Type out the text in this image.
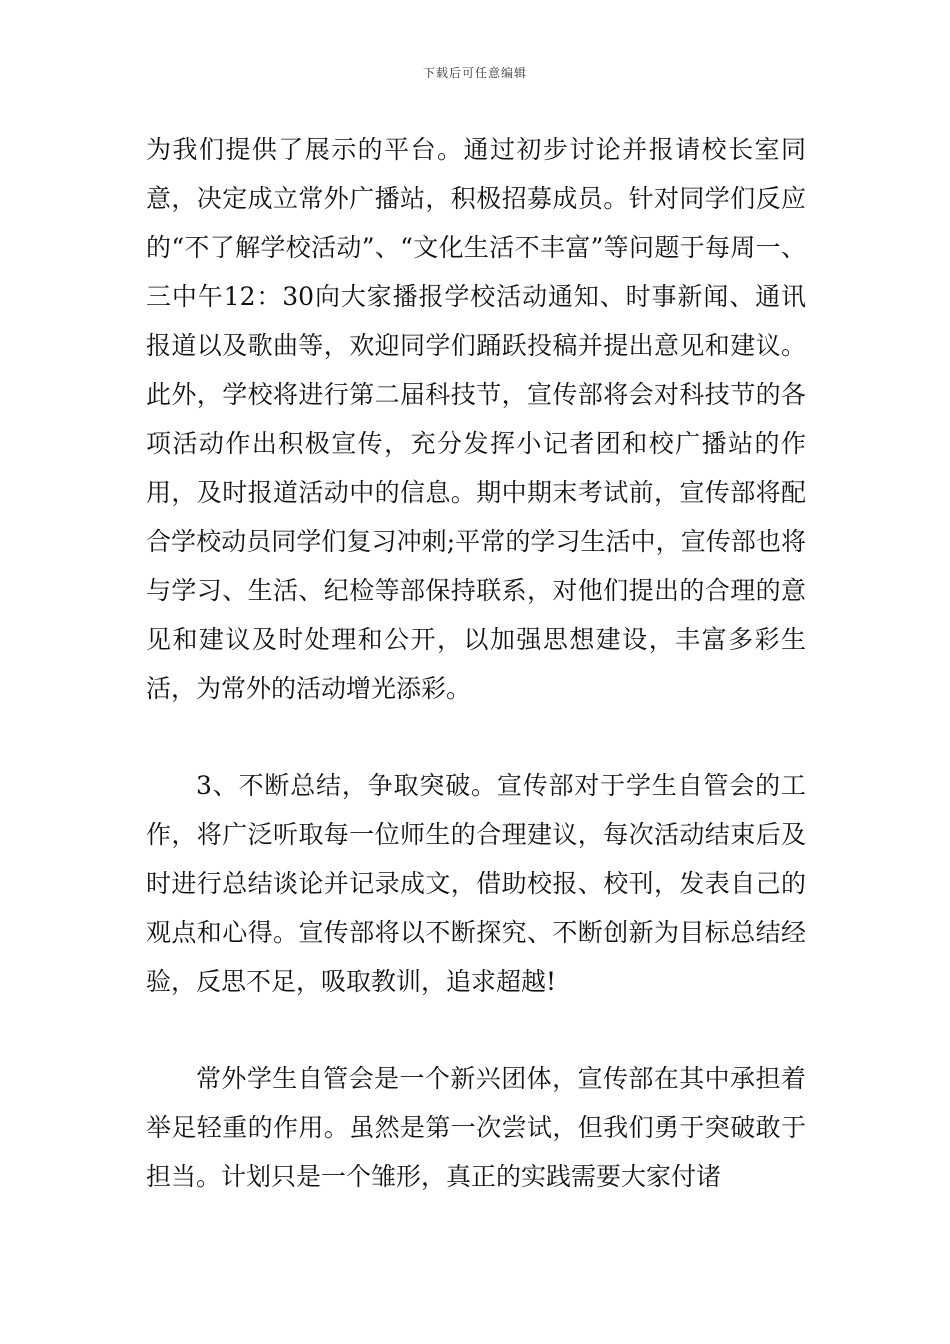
下载后可任意编辑

为我们提供了展示的平台。通过初步讨论并报请校长室同意，决定成立常外广播站，积极招募成员。针对同学们反应的“不了解学校活动”、“文化生活不丰富”等问题于每周一、三中午12：30向大家播报学校活动通知、时事新闻、通讯报道以及歌曲等，欢迎同学们踊跃投稿并提出意见和建议。此外，学校将进行第二届科技节，宣传部将会对科技节的各项活动作出积极宣传，充分发挥小记者团和校广播站的作用，及时报道活动中的信息。期中期末考试前，宣传部将配合学校动员同学们复习冲刺;平常的学习生活中，宣传部也将与学习、生活、纪检等部保持联系，对他们提出的合理的意见和建议及时处理和公开，以加强思想建设，丰富多彩生活，为常外的活动增光添彩。

3、不断总结，争取突破。宣传部对于学生自管会的工作，将广泛听取每一位师生的合理建议，每次活动结束后及时进行总结谈论并记录成文，借助校报、校刊，发表自己的观点和心得。宣传部将以不断探究、不断创新为目标总结经验，反思不足，吸取教训，追求超越!

常外学生自管会是一个新兴团体，宣传部在其中承担着举足轻重的作用。虽然是第一次尝试，但我们勇于突破敢于担当。计划只是一个雏形，真正的实践需要大家付诸
